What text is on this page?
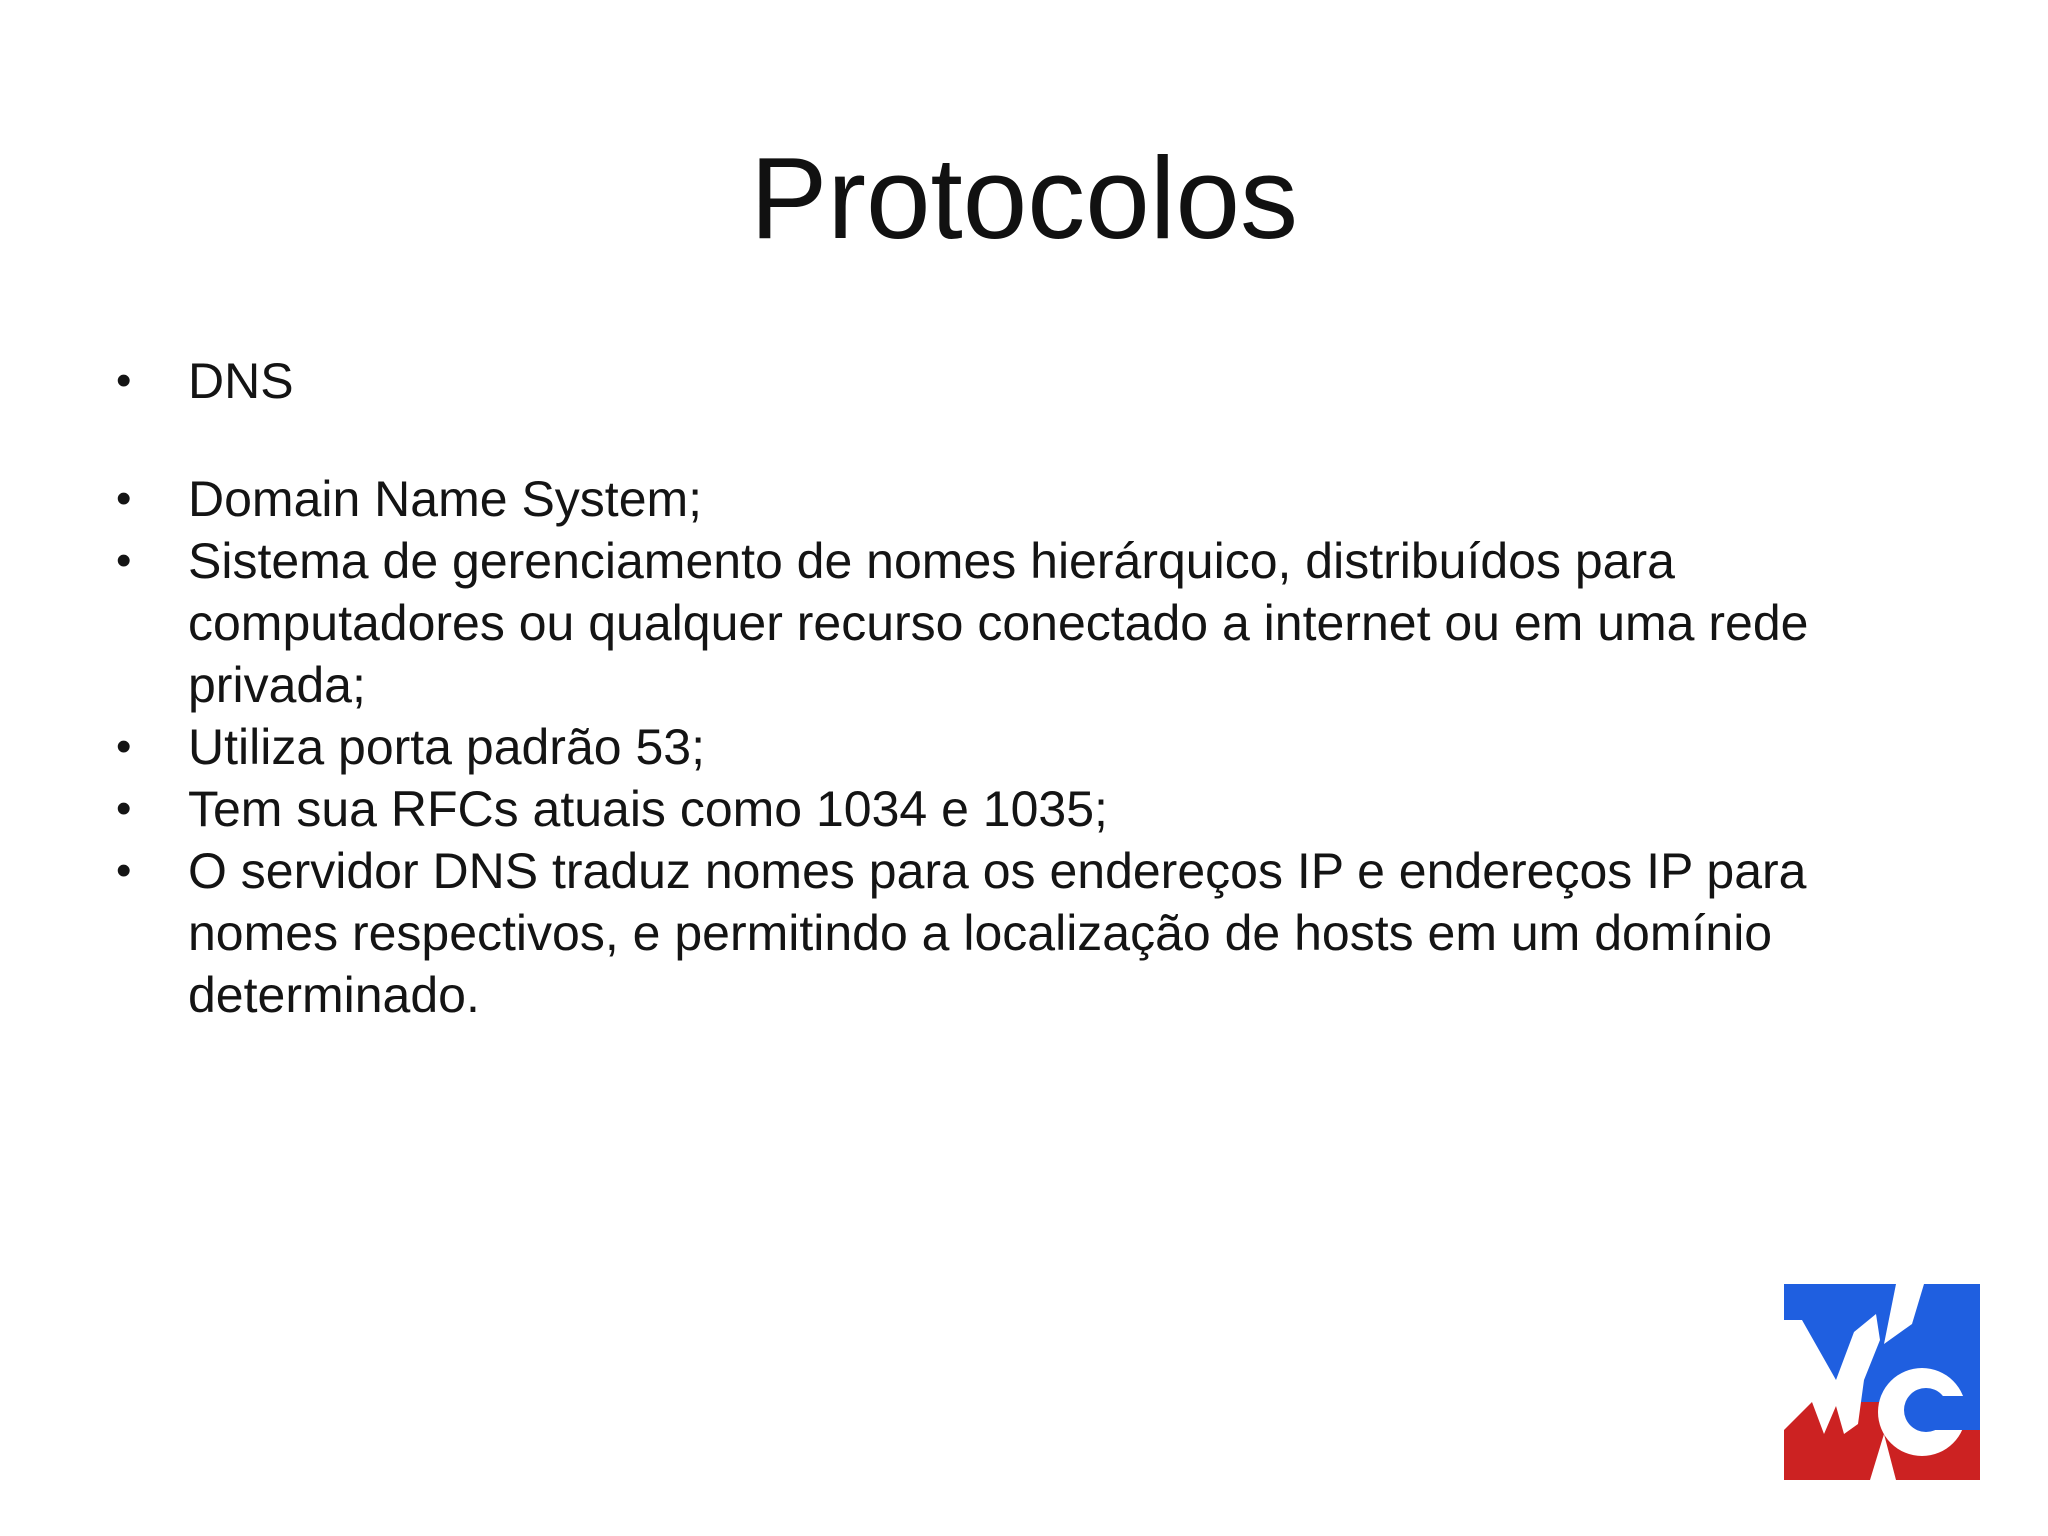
Protocolos
• DNS
• Domain Name System;
• Sistema de gerenciamento de nomes hierárquico, distribuídos para computadores ou qualquer recurso conectado a internet ou em uma rede privada;
• Utiliza porta padrão 53;
• Tem sua RFCs atuais como 1034 e 1035;
• O servidor DNS traduz nomes para os endereços IP e endereços IP para nomes respectivos, e permitindo a localização de hosts em um domínio determinado.
